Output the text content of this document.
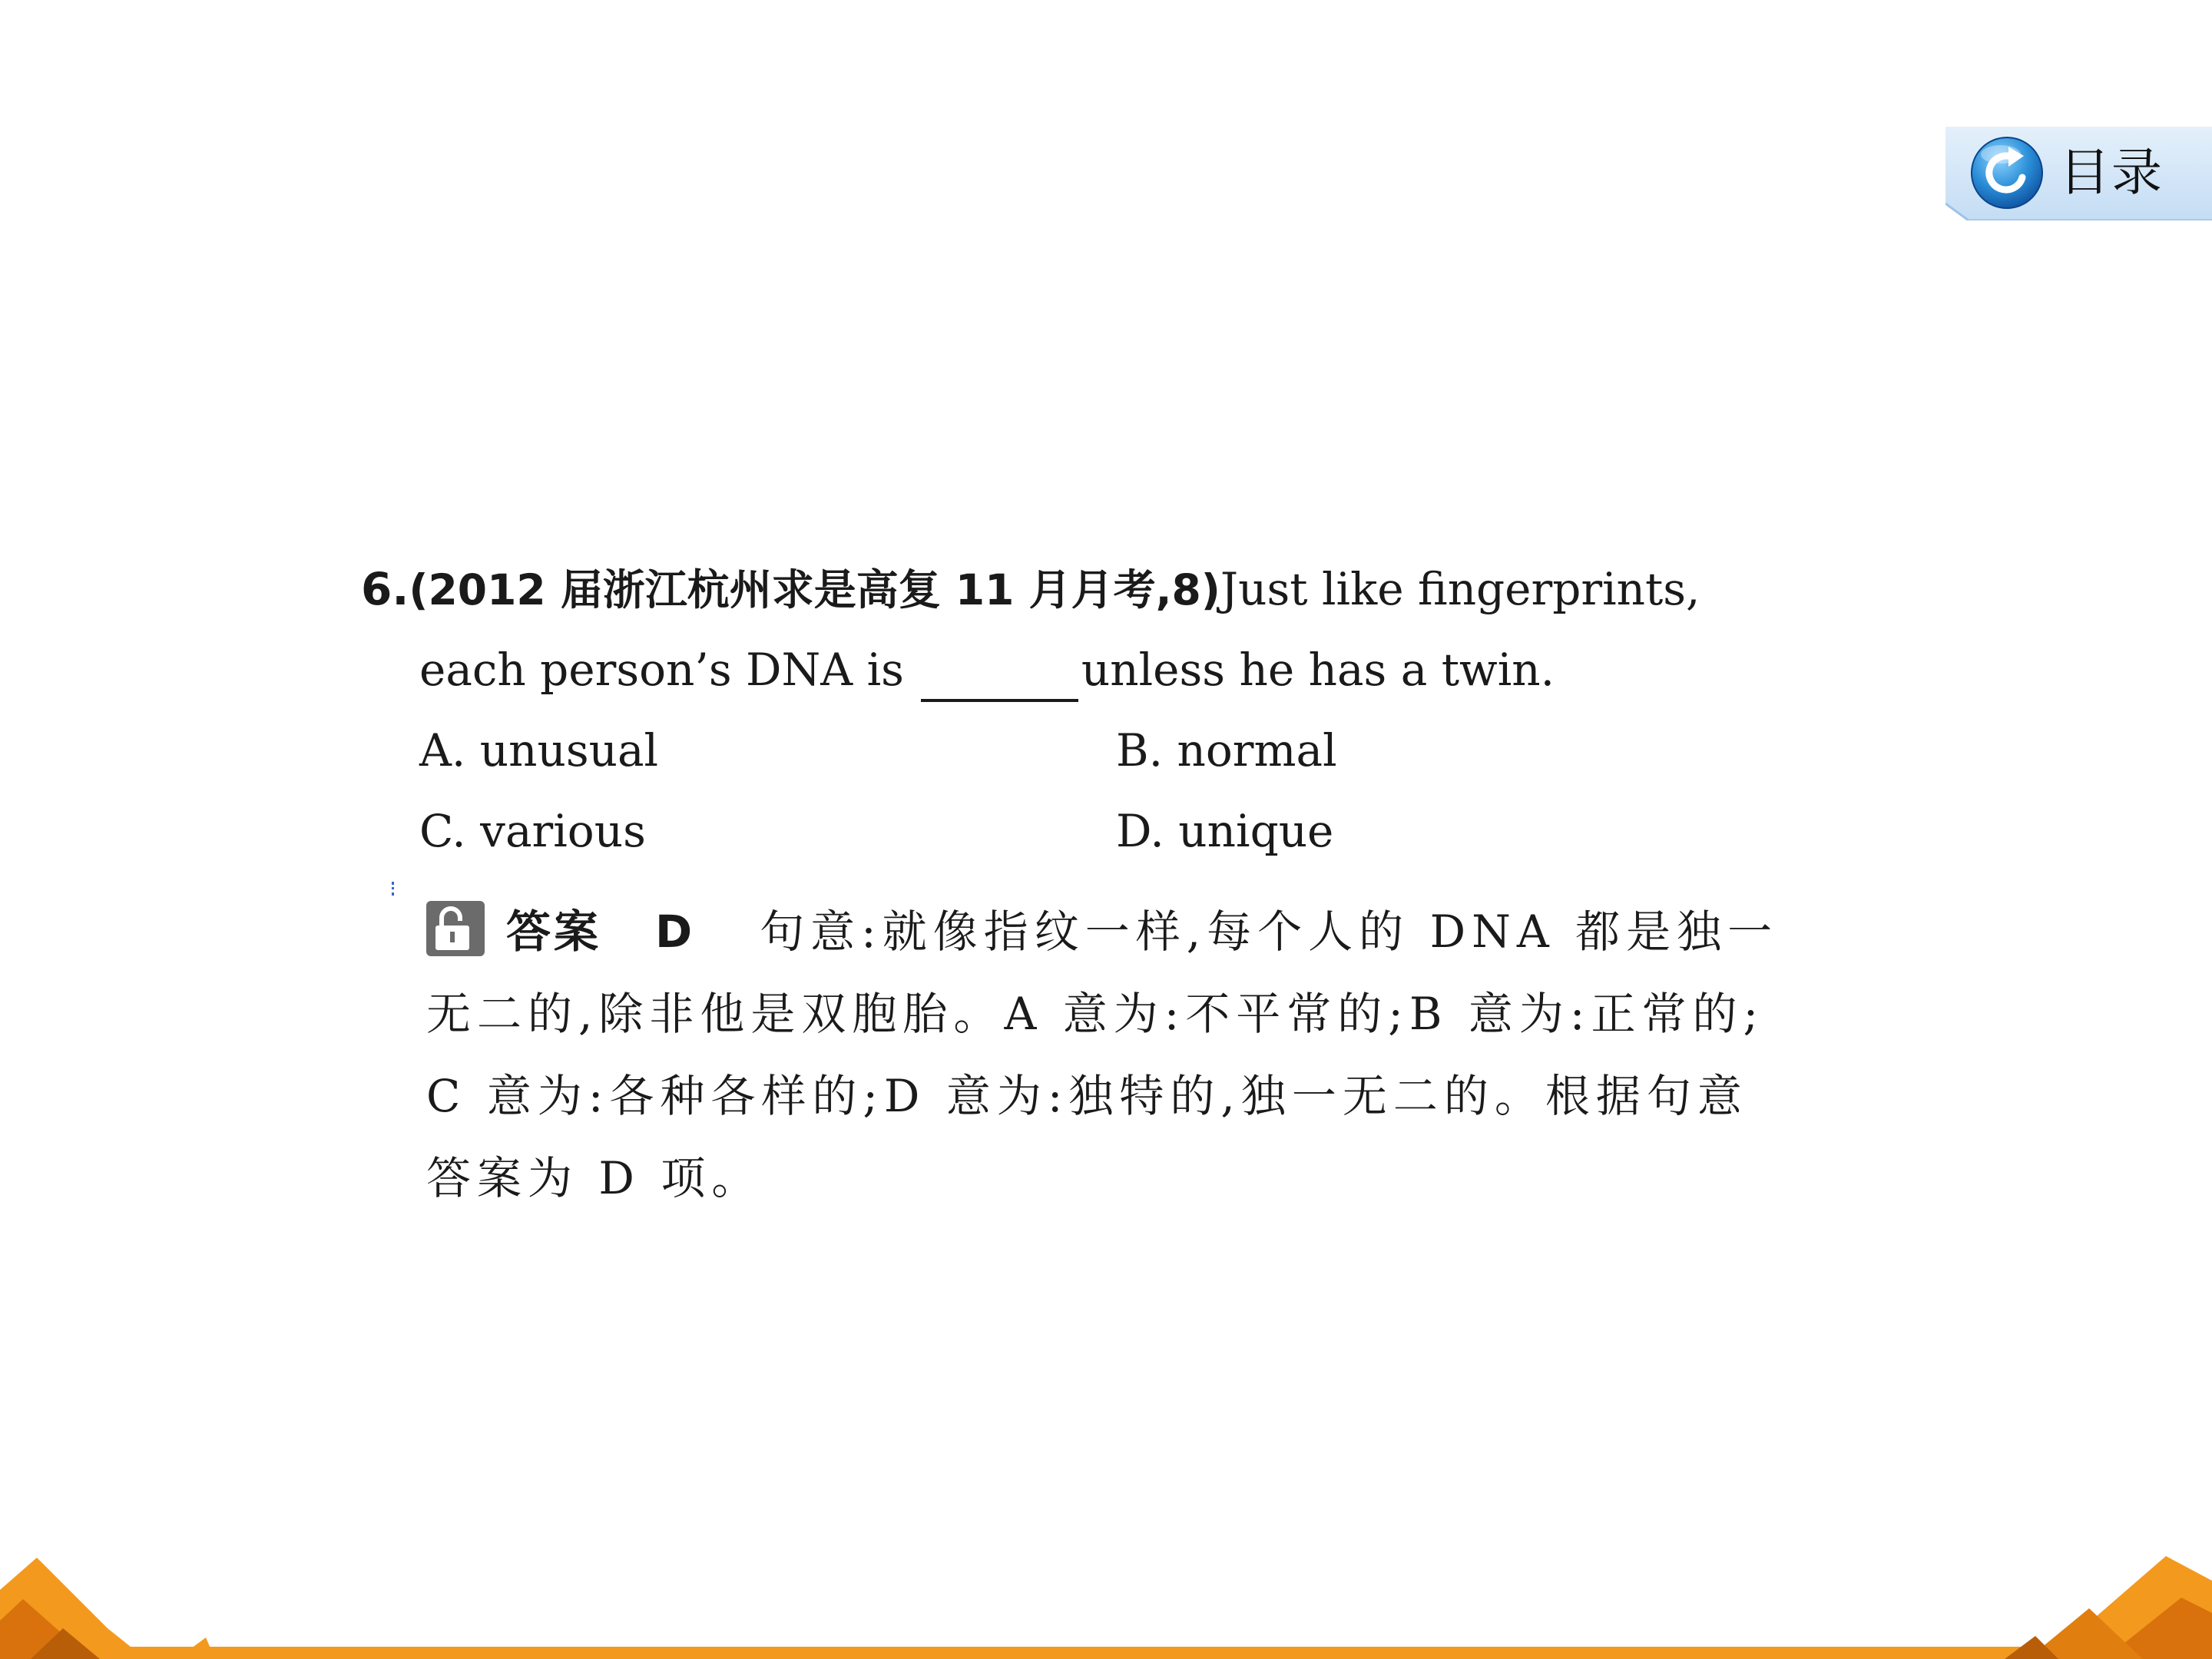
目录
6.(2012 届浙江杭州求是高复 11 月月考,8)Just like fingerprints,
each person’s DNA is	unless he has a twin.
A. unusual	B. normal
C. various	D. unique
答案 D 句意:就像指纹一样,每个人的 DNA 都是独一
无二的,除非他是双胞胎。A 意为:不平常的;B 意为:正常的;
C 意为:各种各样的;D 意为:独特的,独一无二的。根据句意
答案为 D 项。
